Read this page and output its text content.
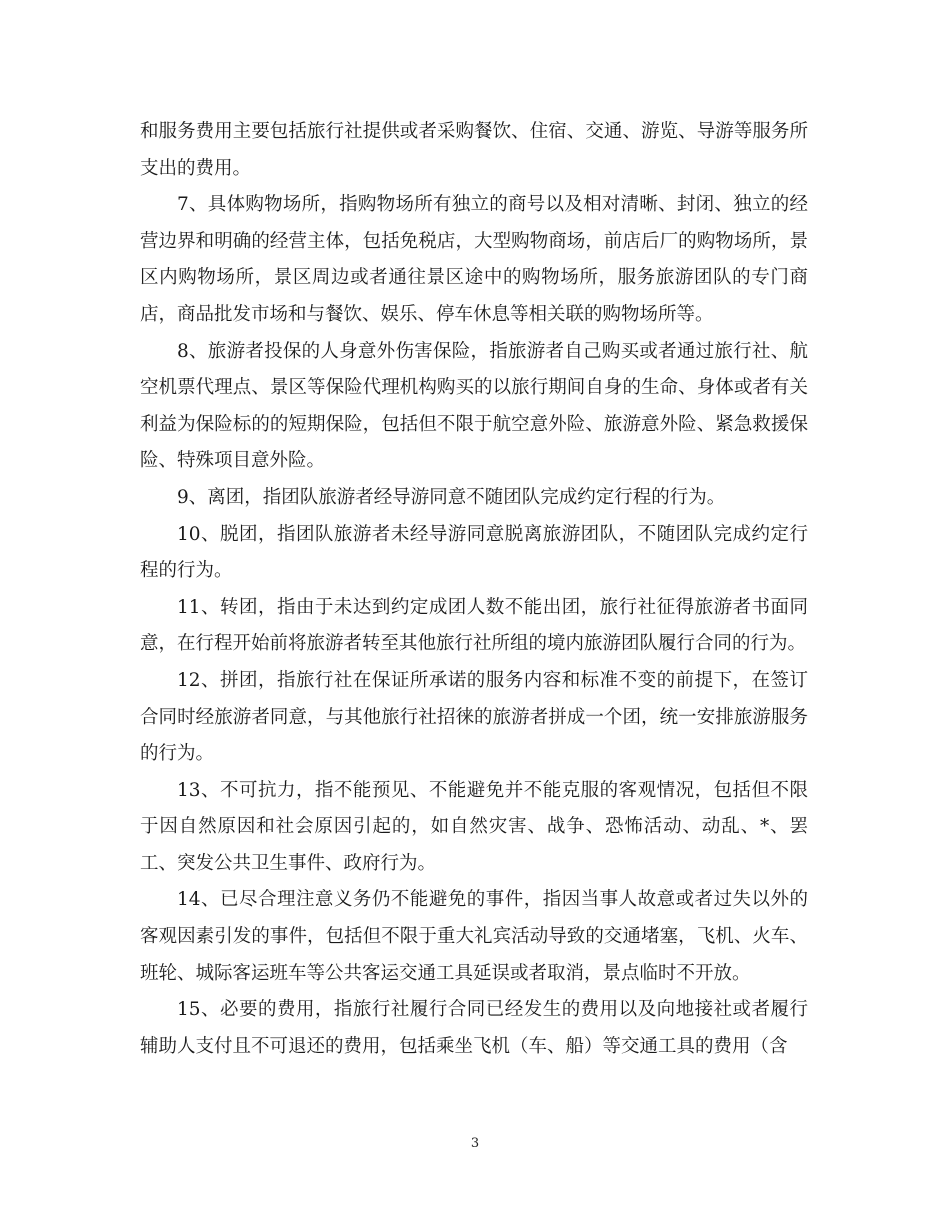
和服务费用主要包括旅行社提供或者采购餐饮、住宿、交通、游览、导游等服务所支出的费用。

7、具体购物场所，指购物场所有独立的商号以及相对清晰、封闭、独立的经营边界和明确的经营主体，包括免税店，大型购物商场，前店后厂的购物场所，景区内购物场所，景区周边或者通往景区途中的购物场所，服务旅游团队的专门商店，商品批发市场和与餐饮、娱乐、停车休息等相关联的购物场所等。

8、旅游者投保的人身意外伤害保险，指旅游者自己购买或者通过旅行社、航空机票代理点、景区等保险代理机构购买的以旅行期间自身的生命、身体或者有关利益为保险标的的短期保险，包括但不限于航空意外险、旅游意外险、紧急救援保险、特殊项目意外险。

9、离团，指团队旅游者经导游同意不随团队完成约定行程的行为。

10、脱团，指团队旅游者未经导游同意脱离旅游团队，不随团队完成约定行程的行为。

11、转团，指由于未达到约定成团人数不能出团，旅行社征得旅游者书面同意，在行程开始前将旅游者转至其他旅行社所组的境内旅游团队履行合同的行为。

12、拼团，指旅行社在保证所承诺的服务内容和标准不变的前提下，在签订合同时经旅游者同意，与其他旅行社招徕的旅游者拼成一个团，统一安排旅游服务的行为。

13、不可抗力，指不能预见、不能避免并不能克服的客观情况，包括但不限于因自然原因和社会原因引起的，如自然灾害、战争、恐怖活动、动乱、*、罢工、突发公共卫生事件、政府行为。

14、已尽合理注意义务仍不能避免的事件，指因当事人故意或者过失以外的客观因素引发的事件，包括但不限于重大礼宾活动导致的交通堵塞，飞机、火车、班轮、城际客运班车等公共客运交通工具延误或者取消，景点临时不开放。

15、必要的费用，指旅行社履行合同已经发生的费用以及向地接社或者履行辅助人支付且不可退还的费用，包括乘坐飞机（车、船）等交通工具的费用（含

3
